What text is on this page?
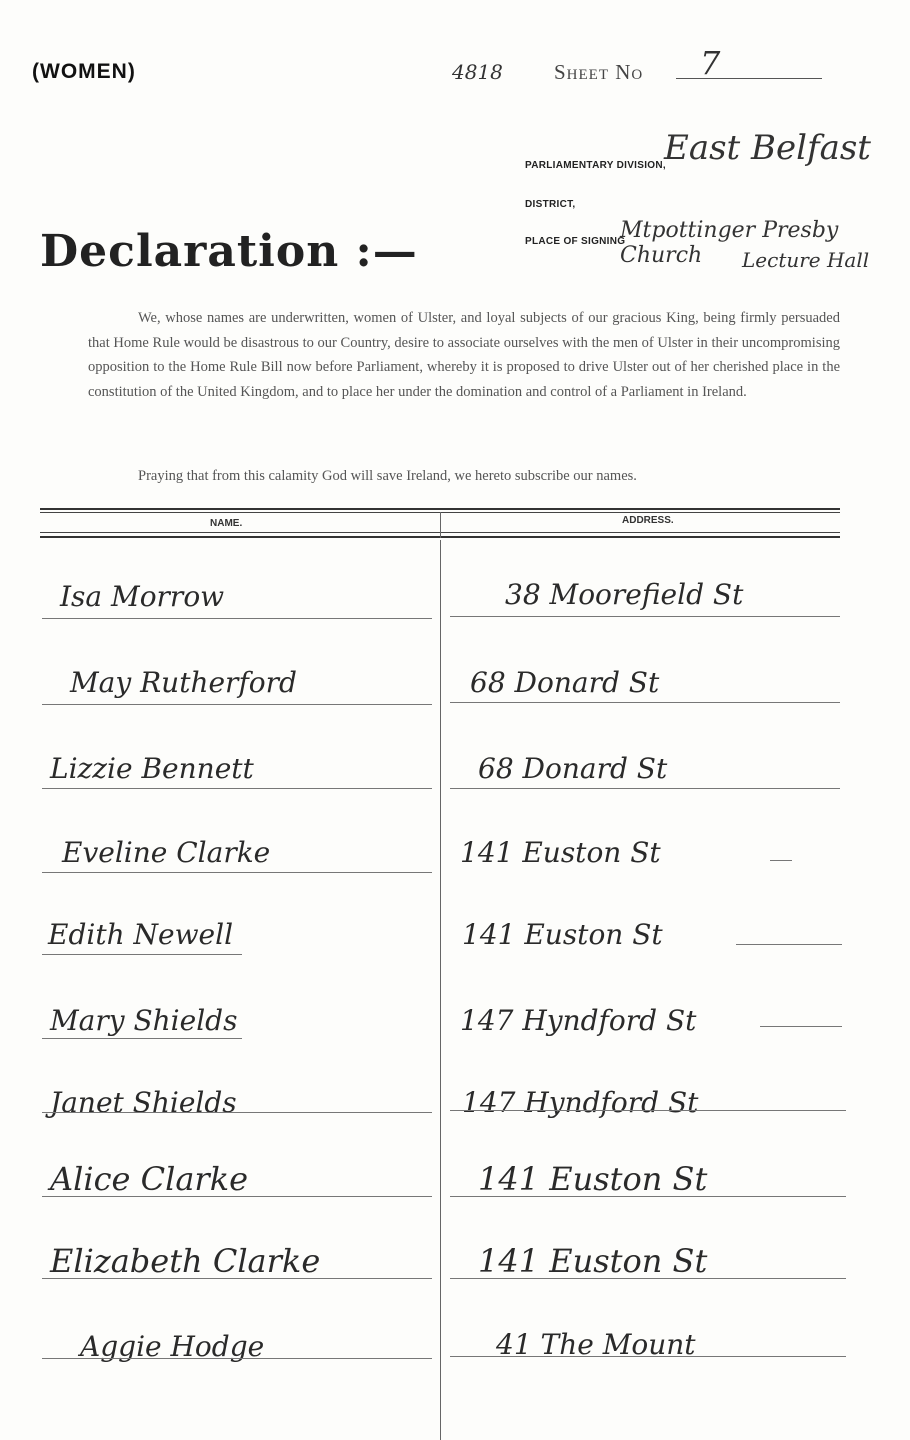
(WOMEN)	4818 Sheet No 7
PARLIAMENTARY DIVISION,
East Belfast
DISTRICT,
PLACE OF SIGNING
Mtpottinger Presby Church	Lecture Hall
Declaration :—
We, whose names are underwritten, women of Ulster, and loyal subjects of our gracious King, being firmly persuaded that Home Rule would be disastrous to our Country, desire to associate ourselves with the men of Ulster in their uncompromising opposition to the Home Rule Bill now before Parliament, whereby it is proposed to drive Ulster out of her cherished place in the constitution of the United Kingdom, and to place her under the domination and control of a Parliament in Ireland.
Praying that from this calamity God will save Ireland, we hereto subscribe our names.
NAME.	ADDRESS.
Isa Morrow	38 Moorefield St
May Rutherford	68 Donard St
Lizzie Bennett	68 Donard St
Eveline Clarke	141 Euston St
Edith Newell	141 Euston St
Mary Shields	147 Hyndford St
Janet Shields	147 Hyndford St
Alice Clarke	141 Euston St
Elizabeth Clarke	141 Euston St
Aggie Hodge	41 The Mount
